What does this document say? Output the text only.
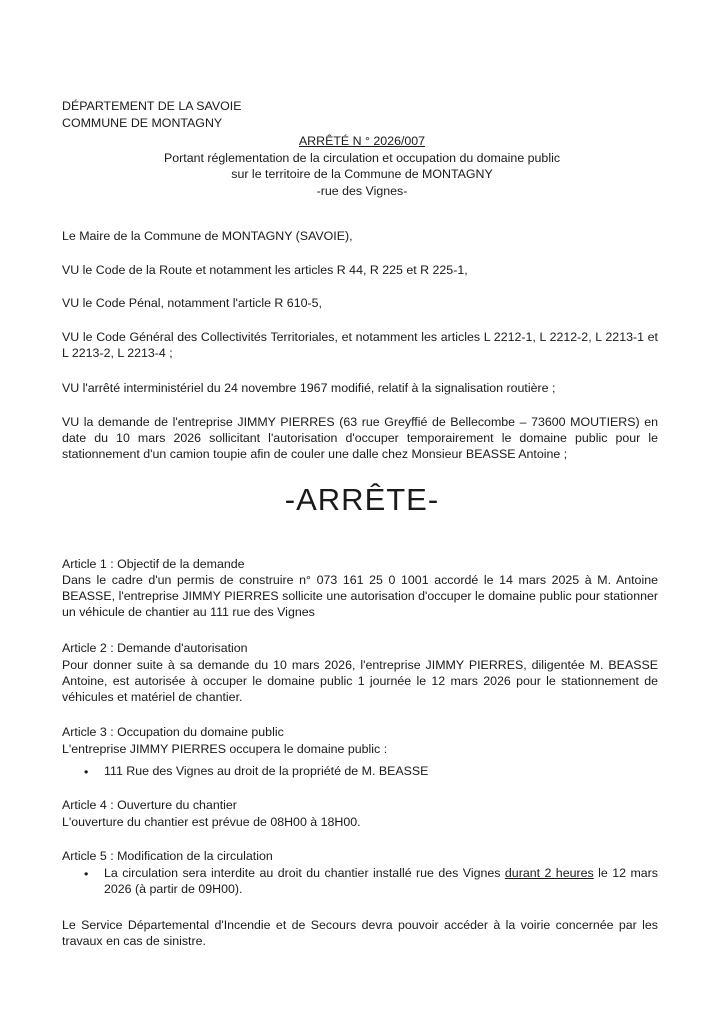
DÉPARTEMENT DE LA SAVOIE
COMMUNE DE MONTAGNY
ARRÊTÉ N ° 2026/007
Portant réglementation de la circulation et occupation du domaine public
sur le territoire de la Commune de MONTAGNY
-rue des Vignes-
Le Maire de la Commune de MONTAGNY (SAVOIE),
VU le Code de la Route et notamment les articles R 44, R 225 et R 225-1,
VU le Code Pénal, notamment l'article R 610-5,
VU le Code Général des Collectivités Territoriales, et notamment les articles L 2212-1, L 2212-2, L 2213-1 et L 2213-2, L 2213-4 ;
VU l'arrêté interministériel du 24 novembre 1967 modifié, relatif à la signalisation routière ;
VU la demande de l'entreprise JIMMY PIERRES (63 rue Greyffié de Bellecombe – 73600 MOUTIERS) en date du 10 mars 2026 sollicitant l'autorisation d'occuper temporairement le domaine public pour le stationnement d'un camion toupie afin de couler une dalle chez Monsieur BEASSE Antoine ;
-ARRÊTE-
Article 1 : Objectif de la demande
Dans le cadre d'un permis de construire n° 073 161 25 0 1001 accordé le 14 mars 2025 à M. Antoine BEASSE, l'entreprise JIMMY PIERRES sollicite une autorisation d'occuper le domaine public pour stationner un véhicule de chantier au 111 rue des Vignes
Article 2 : Demande d'autorisation
Pour donner suite à sa demande du 10 mars 2026, l'entreprise JIMMY PIERRES, diligentée M. BEASSE Antoine, est autorisée à occuper le domaine public 1 journée le 12 mars 2026 pour le stationnement de véhicules et matériel de chantier.
Article 3 : Occupation du domaine public
L'entreprise JIMMY PIERRES occupera le domaine public :
• 111 Rue des Vignes au droit de la propriété de M. BEASSE
Article 4 : Ouverture du chantier
L'ouverture du chantier est prévue de 08H00 à 18H00.
Article 5 : Modification de la circulation
• La circulation sera interdite au droit du chantier installé rue des Vignes durant 2 heures le 12 mars 2026 (à partir de 09H00).
Le Service Départemental d'Incendie et de Secours devra pouvoir accéder à la voirie concernée par les travaux en cas de sinistre.
